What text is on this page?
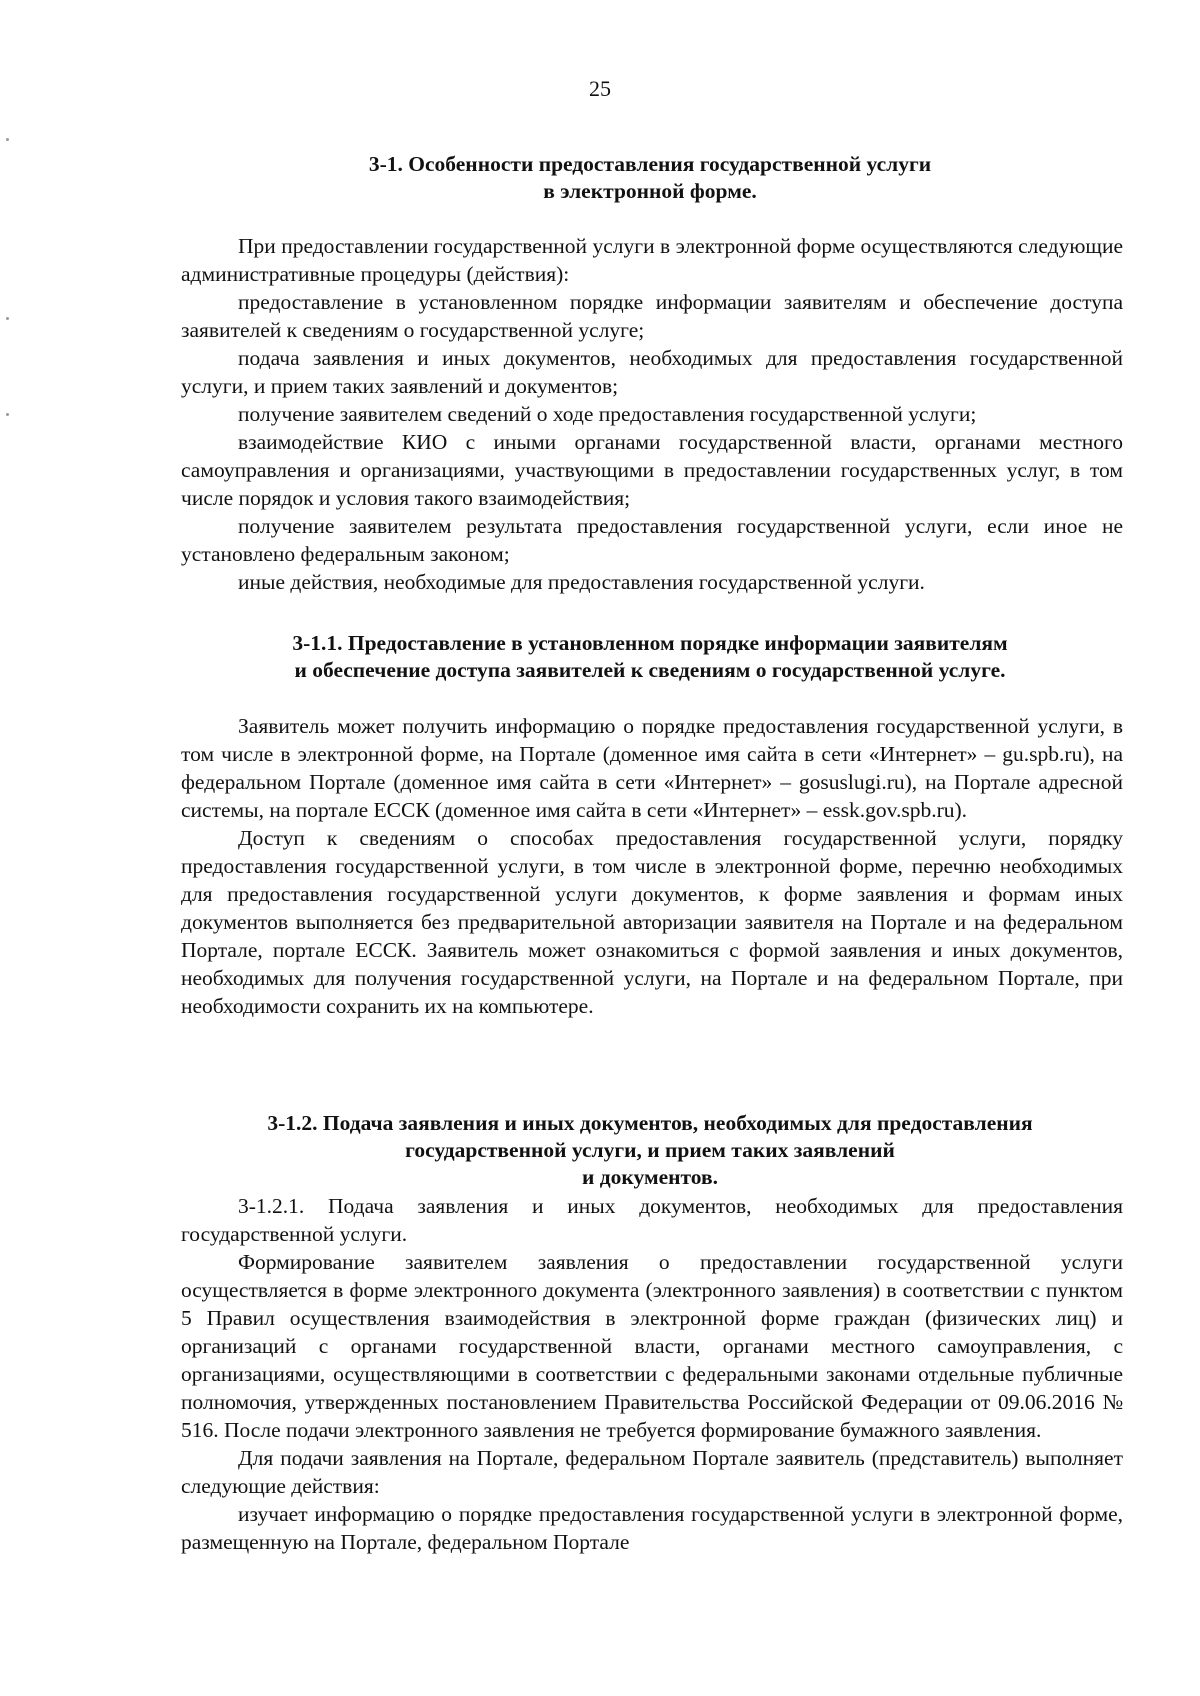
25
3-1. Особенности предоставления государственной услуги
в электронной форме.

При предоставлении государственной услуги в электронной форме осуществляются следующие административные процедуры (действия):

предоставление в установленном порядке информации заявителям и обеспечение доступа заявителей к сведениям о государственной услуге;

подача заявления и иных документов, необходимых для предоставления государственной услуги, и прием таких заявлений и документов;

получение заявителем сведений о ходе предоставления государственной услуги;

взаимодействие КИО с иными органами государственной власти, органами местного самоуправления и организациями, участвующими в предоставлении государственных услуг, в том числе порядок и условия такого взаимодействия;

получение заявителем результата предоставления государственной услуги, если иное не установлено федеральным законом;

иные действия, необходимые для предоставления государственной услуги.

3-1.1. Предоставление в установленном порядке информации заявителям
и обеспечение доступа заявителей к сведениям о государственной услуге.

Заявитель может получить информацию о порядке предоставления государственной услуги, в том числе в электронной форме, на Портале (доменное имя сайта в сети «Интернет» – gu.spb.ru), на федеральном Портале (доменное имя сайта в сети «Интернет» – gosuslugi.ru), на Портале адресной системы, на портале ЕССК (доменное имя сайта в сети «Интернет» – essk.gov.spb.ru).

Доступ к сведениям о способах предоставления государственной услуги, порядку предоставления государственной услуги, в том числе в электронной форме, перечню необходимых для предоставления государственной услуги документов, к форме заявления и формам иных документов выполняется без предварительной авторизации заявителя на Портале и на федеральном Портале, портале ЕССК. Заявитель может ознакомиться с формой заявления и иных документов, необходимых для получения государственной услуги, на Портале и на федеральном Портале, при необходимости сохранить их на компьютере.

3-1.2. Подача заявления и иных документов, необходимых для предоставления
государственной услуги, и прием таких заявлений
и документов.

3-1.2.1. Подача заявления и иных документов, необходимых для предоставления государственной услуги.

Формирование заявителем заявления о предоставлении государственной услуги осуществляется в форме электронного документа (электронного заявления) в соответствии с пунктом 5 Правил осуществления взаимодействия в электронной форме граждан (физических лиц) и организаций с органами государственной власти, органами местного самоуправления, с организациями, осуществляющими в соответствии с федеральными законами отдельные публичные полномочия, утвержденных постановлением Правительства Российской Федерации от 09.06.2016 № 516. После подачи электронного заявления не требуется формирование бумажного заявления.

Для подачи заявления на Портале, федеральном Портале заявитель (представитель) выполняет следующие действия:

изучает информацию о порядке предоставления государственной услуги в электронной форме, размещенную на Портале, федеральном Портале
